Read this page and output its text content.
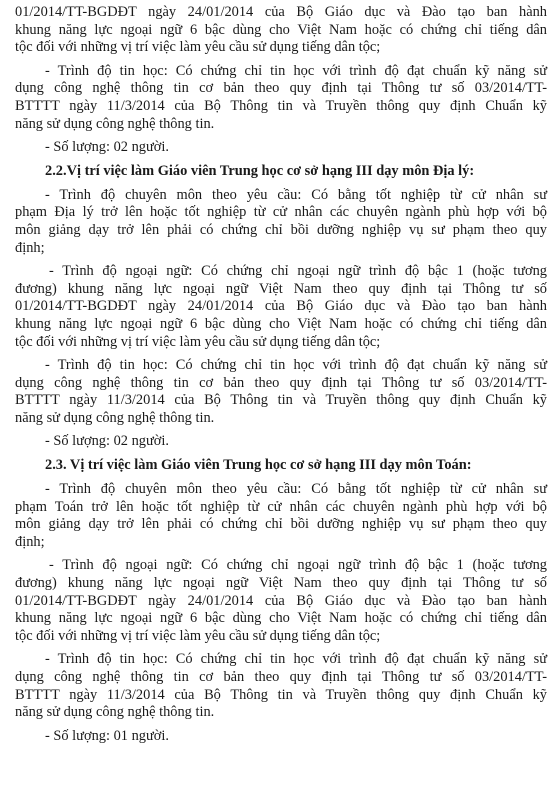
01/2014/TT-BGDĐT ngày 24/01/2014 của Bộ Giáo dục và Đào tạo ban hành
khung năng lực ngoại ngữ 6 bậc dùng cho Việt Nam hoặc có chứng chỉ tiếng dân
tộc đối với những vị trí việc làm yêu cầu sử dụng tiếng dân tộc;
- Trình độ tin học: Có chứng chỉ tin học với trình độ đạt chuẩn kỹ năng sử
dụng công nghệ thông tin cơ bản theo quy định tại Thông tư số 03/2014/TT-
BTTTT ngày 11/3/2014 của Bộ Thông tin và Truyền thông quy định Chuẩn kỹ
năng sử dụng công nghệ thông tin.
- Số lượng: 02 người.
2.2.Vị trí việc làm Giáo viên Trung học cơ sở hạng III dạy môn Địa lý:
- Trình độ chuyên môn theo yêu cầu: Có bằng tốt nghiệp từ cử nhân sư
phạm Địa lý trở lên hoặc tốt nghiệp từ cử nhân các chuyên ngành phù hợp với bộ
môn giảng dạy trở lên phải có chứng chỉ bồi dưỡng nghiệp vụ sư phạm theo quy
định;
- Trình độ ngoại ngữ: Có chứng chỉ ngoại ngữ trình độ bậc 1 (hoặc tương
đương) khung năng lực ngoại ngữ Việt Nam theo quy định tại Thông tư số
01/2014/TT-BGDĐT ngày 24/01/2014 của Bộ Giáo dục và Đào tạo ban hành
khung năng lực ngoại ngữ 6 bậc dùng cho Việt Nam hoặc có chứng chỉ tiếng dân
tộc đối với những vị trí việc làm yêu cầu sử dụng tiếng dân tộc;
- Trình độ tin học: Có chứng chỉ tin học với trình độ đạt chuẩn kỹ năng sử
dụng công nghệ thông tin cơ bản theo quy định tại Thông tư số 03/2014/TT-
BTTTT ngày 11/3/2014 của Bộ Thông tin và Truyền thông quy định Chuẩn kỹ
năng sử dụng công nghệ thông tin.
- Số lượng: 02 người.
2.3. Vị trí việc làm Giáo viên Trung học cơ sở hạng III dạy môn Toán:
- Trình độ chuyên môn theo yêu cầu: Có bằng tốt nghiệp từ cử nhân sư
phạm Toán trở lên hoặc tốt nghiệp từ cử nhân các chuyên ngành phù hợp với bộ
môn giảng dạy trở lên phải có chứng chỉ bồi dưỡng nghiệp vụ sư phạm theo quy
định;
- Trình độ ngoại ngữ: Có chứng chỉ ngoại ngữ trình độ bậc 1 (hoặc tương
đương) khung năng lực ngoại ngữ Việt Nam theo quy định tại Thông tư số
01/2014/TT-BGDĐT ngày 24/01/2014 của Bộ Giáo dục và Đào tạo ban hành
khung năng lực ngoại ngữ 6 bậc dùng cho Việt Nam hoặc có chứng chỉ tiếng dân
tộc đối với những vị trí việc làm yêu cầu sử dụng tiếng dân tộc;
- Trình độ tin học: Có chứng chỉ tin học với trình độ đạt chuẩn kỹ năng sử
dụng công nghệ thông tin cơ bản theo quy định tại Thông tư số 03/2014/TT-
BTTTT ngày 11/3/2014 của Bộ Thông tin và Truyền thông quy định Chuẩn kỹ
năng sử dụng công nghệ thông tin.
- Số lượng: 01 người.
